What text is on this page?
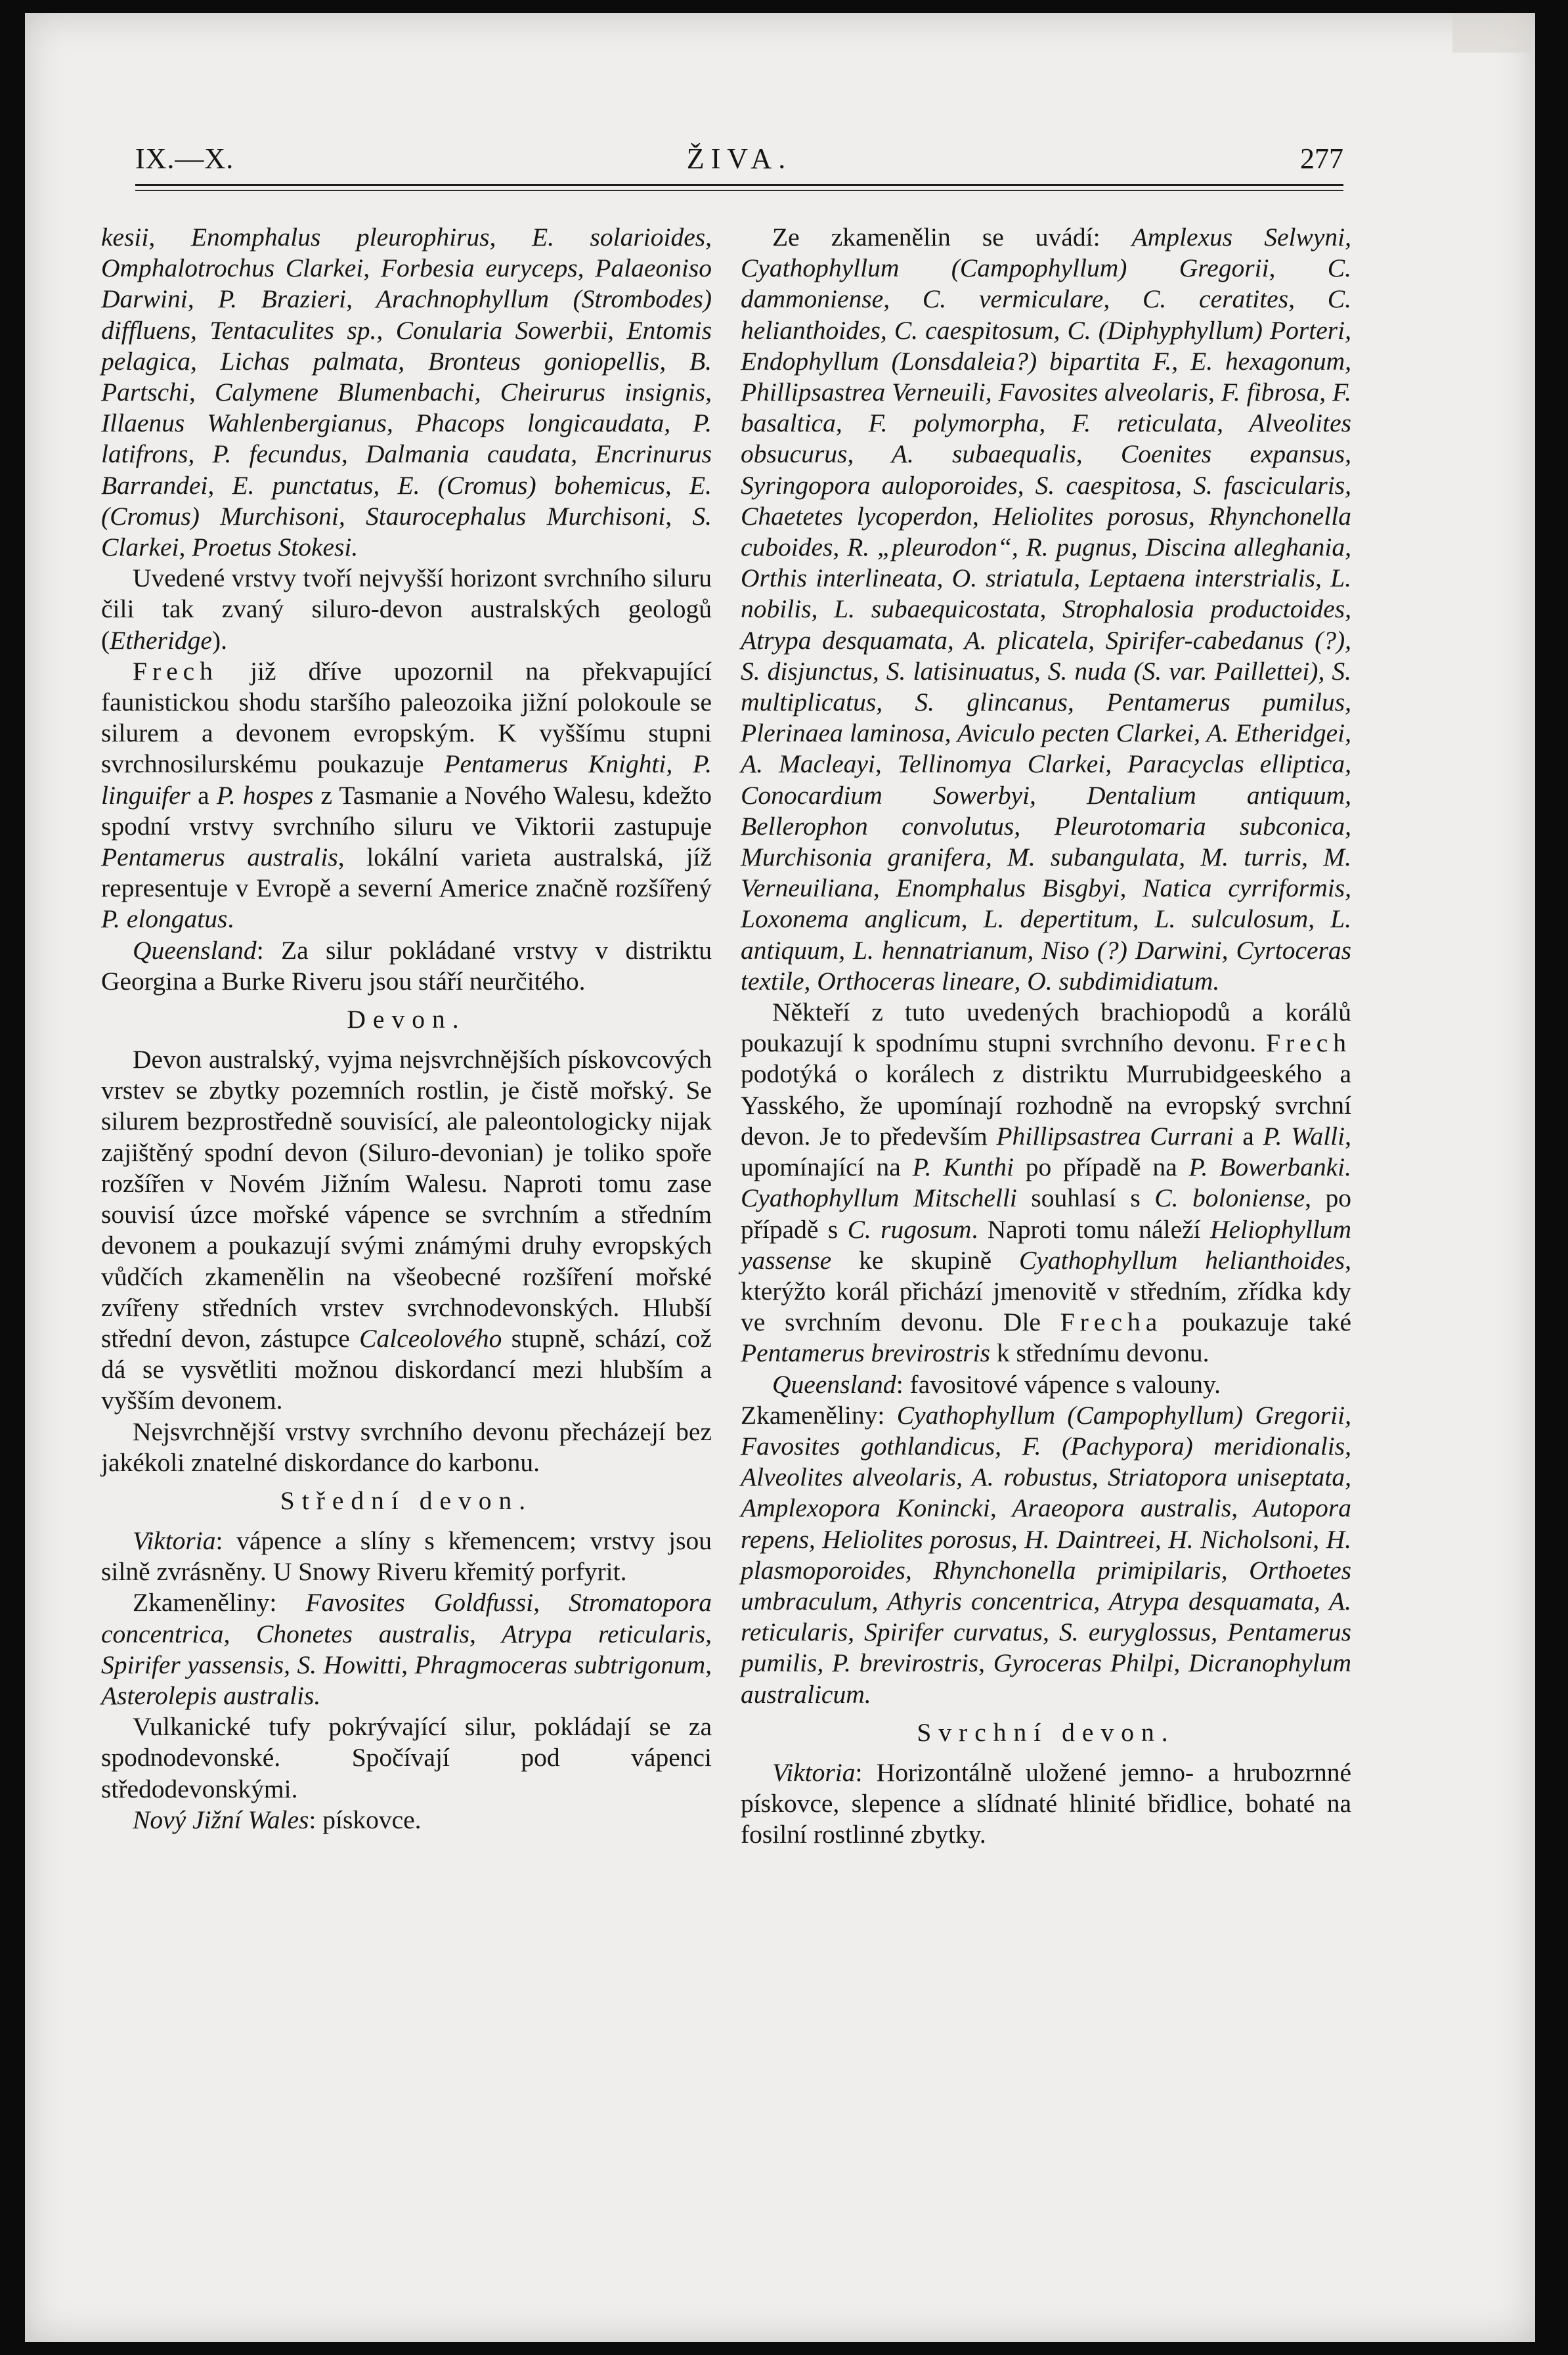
IX.—X.	ŽIVA.	277

kesii, Enomphalus pleurophirus, E. solarioides, Omphalotrochus Clarkei, Forbesia euryceps, Palaeoniso Darwini, P. Brazieri, Arachnophyllum (Strombodes) diffluens, Tentaculites sp., Conularia Sowerbii, Entomis pelagica, Lichas palmata, Bronteus goniopellis, B. Partschi, Calymene Blumenbachi, Cheirurus insignis, Illaenus Wahlenbergianus, Phacops longicaudata, P. latifrons, P. fecundus, Dalmania caudata, Encrinurus Barrandei, E. punctatus, E. (Cromus) bohemicus, E. (Cromus) Murchisoni, Staurocephalus Murchisoni, S. Clarkei, Proetus Stokesi.

Uvedené vrstvy tvoří nejvyšší horizont svrchního siluru čili tak zvaný siluro-devon australských geologů (Etheridge).

Frech již dříve upozornil na překvapující faunistickou shodu staršího paleozoika jižní polokoule se silurem a devonem evropským. K vyššímu stupni svrchnosilurskému poukazuje Pentamerus Knighti, P. linguifer a P. hospes z Tasmanie a Nového Walesu, kdežto spodní vrstvy svrchního siluru ve Viktorii zastupuje Pentamerus australis, lokální varieta australská, jíž representuje v Evropě a severní Americe značně rozšířený P. elongatus.

Queensland: Za silur pokládané vrstvy v distriktu Georgina a Burke Riveru jsou stáří neurčitého.

Devon.

Devon australský, vyjma nejsvrchnějších pískovcových vrstev se zbytky pozemních rostlin, je čistě mořský. Se silurem bezprostředně souvisící, ale paleontologicky nijak zajištěný spodní devon (Siluro-devonian) je toliko spoře rozšířen v Novém Jižním Walesu. Naproti tomu zase souvisí úzce mořské vápence se svrchním a středním devonem a poukazují svými známými druhy evropských vůdčích zkamenělin na všeobecné rozšíření mořské zvířeny středních vrstev svrchnodevonských. Hlubší střední devon, zástupce Calceolového stupně, schází, což dá se vysvětliti možnou diskordancí mezi hlubším a vyšším devonem.

Nejsvrchnější vrstvy svrchního devonu přecházejí bez jakékoli znatelné diskordance do karbonu.

Střední devon.

Viktoria: vápence a slíny s křemencem; vrstvy jsou silně zvrásněny. U Snowy Riveru křemitý porfyrit.

Zkameněliny: Favosites Goldfussi, Stromatopora concentrica, Chonetes australis, Atrypa reticularis, Spirifer yassensis, S. Howitti, Phragmoceras subtrigonum, Asterolepis australis.

Vulkanické tufy pokrývající silur, pokládají se za spodnodevonské. Spočívají pod vápenci středodevonskými.

Nový Jižní Wales: pískovce.

Ze zkamenělin se uvádí: Amplexus Selwyni, Cyathophyllum (Campophyllum) Gregorii, C. dammoniense, C. vermiculare, C. ceratites, C. helianthoides, C. caespitosum, C. (Diphyphyllum) Porteri, Endophyllum (Lonsdaleia?) bipartita F., E. hexagonum, Phillipsastrea Verneuili, Favosites alveolaris, F. fibrosa, F. basaltica, F. polymorpha, F. reticulata, Alveolites obsucurus, A. subaequalis, Coenites expansus, Syringopora auloporoides, S. caespitosa, S. fascicularis, Chaetetes lycoperdon, Heliolites porosus, Rhynchonella cuboides, R. „pleurodon“, R. pugnus, Discina alleghania, Orthis interlineata, O. striatula, Leptaena interstrialis, L. nobilis, L. subaequicostata, Strophalosia productoides, Atrypa desquamata, A. plicatela, Spirifer-cabedanus (?), S. disjunctus, S. latisinuatus, S. nuda (S. var. Paillettei), S. multiplicatus, S. glincanus, Pentamerus pumilus, Plerinaea laminosa, Aviculo pecten Clarkei, A. Etheridgei, A. Macleayi, Tellinomya Clarkei, Paracyclas elliptica, Conocardium Sowerbyi, Dentalium antiquum, Bellerophon convolutus, Pleurotomaria subconica, Murchisonia granifera, M. subangulata, M. turris, M. Verneuiliana, Enomphalus Bisgbyi, Natica cyrriformis, Loxonema anglicum, L. depertitum, L. sulculosum, L. antiquum, L. hennatrianum, Niso (?) Darwini, Cyrtoceras textile, Orthoceras lineare, O. subdimidiatum.

Někteří z tuto uvedených brachiopodů a korálů poukazují k spodnímu stupni svrchního devonu. Frech podotýká o korálech z distriktu Murrubidgeeského a Yasského, že upomínají rozhodně na evropský svrchní devon. Je to především Phillipsastrea Currani a P. Walli, upomínající na P. Kunthi po případě na P. Bowerbanki. Cyathophyllum Mitschelli souhlasí s C. boloniense, po případě s C. rugosum. Naproti tomu náleží Heliophyllum yassense ke skupině Cyathophyllum helianthoides, kterýžto korál přichází jmenovitě v středním, zřídka kdy ve svrchním devonu. Dle Frecha poukazuje také Pentamerus brevirostris k střednímu devonu.

Queensland: favositové vápence s valouny.

Zkameněliny: Cyathophyllum (Campophyllum) Gregorii, Favosites gothlandicus, F. (Pachypora) meridionalis, Alveolites alveolaris, A. robustus, Striatopora uniseptata, Amplexopora Konincki, Araeopora australis, Autopora repens, Heliolites porosus, H. Daintreei, H. Nicholsoni, H. plasmoporoides, Rhynchonella primipilaris, Orthoetes umbraculum, Athyris concentrica, Atrypa desquamata, A. reticularis, Spirifer curvatus, S. euryglossus, Pentamerus pumilis, P. brevirostris, Gyroceras Philpi, Dicranophylum australicum.

Svrchní devon.

Viktoria: Horizontálně uložené jemno- a hrubozrnné pískovce, slepence a slídnaté hlinité břidlice, bohaté na fosilní rostlinné zbytky.
